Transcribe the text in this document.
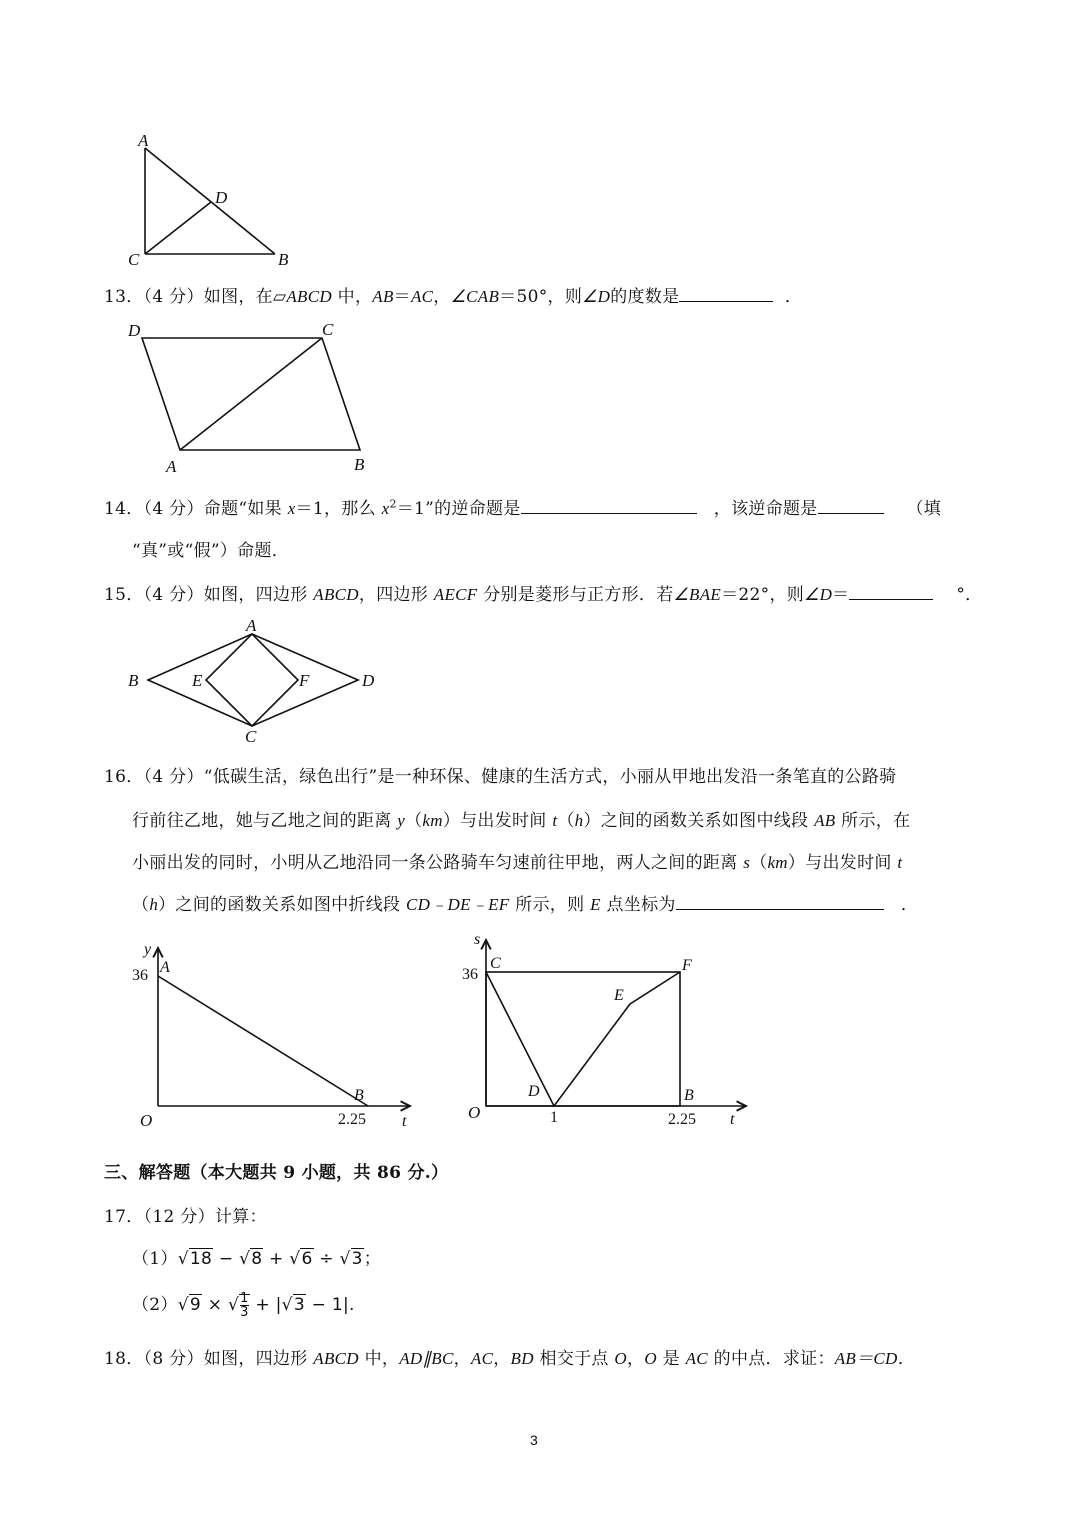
A
D
C	B
13．（4 分）如图，在▱ABCD 中，AB＝AC，∠CAB＝50°，则∠D的度数是	．
D	C
A	B
14．（4 分）命题“如果 x＝1，那么 $x^2=1$”的逆命题是	，该逆命题是	（填
“真”或“假”）命题．
15．（4 分）如图，四边形 ABCD，四边形 AECF 分别是菱形与正方形．若∠BAE＝22°，则∠D＝	°．
A
B	E	F	D
C
16．（4 分）“低碳生活，绿色出行”是一种环保、健康的生活方式，小丽从甲地出发沿一条笔直的公路骑
行前往乙地，她与乙地之间的距离 y（km）与出发时间 t（h）之间的函数关系如图中线段 AB 所示，在
小丽出发的同时，小明从乙地沿同一条公路骑车匀速前往甲地，两人之间的距离 s（km）与出发时间 t
（h）之间的函数关系如图中折线段 CD﹣DE﹣EF 所示，则 E 点坐标为	．
y
36 A
O
B
2.25 t
s
36
C	F
E
D	B
O	1	2.25 t
三、解答题（本大题共 9 小题，共 86 分.）
17．（12 分）计算：
（1）√18 − √8 + √6 ÷ √3；
（2）√9 × √ $\frac{1}{3} + |√3 - 1|$.
18．（8 分）如图，四边形 ABCD 中，AD∥BC，AC，BD 相交于点 O，O 是 AC 的中点．求证：AB＝CD．
3
